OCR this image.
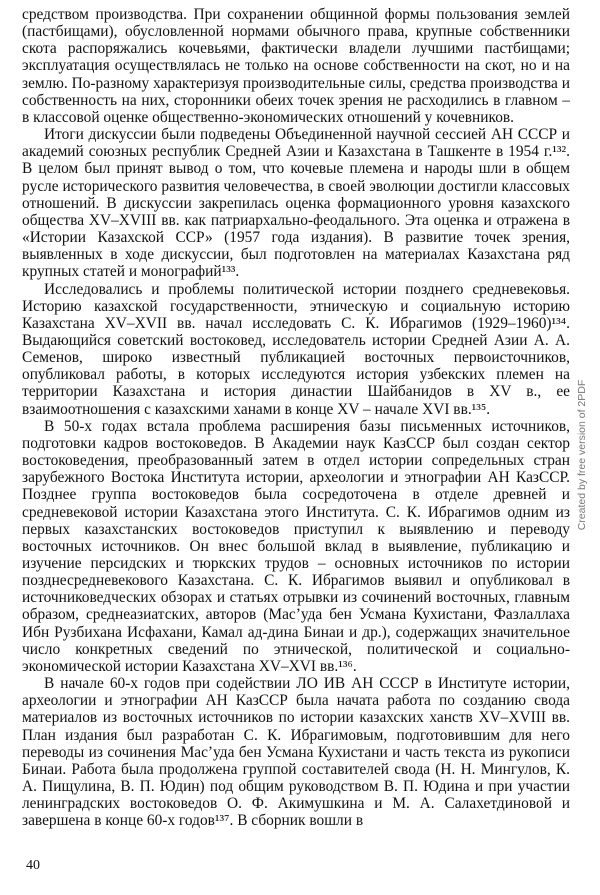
средством производства. При сохранении общинной формы пользования землей (пастбищами), обусловленной нормами обычного права, крупные собственники скота распоряжались кочевьями, фактически владели лучшими пастбищами; эксплуатация осуществлялась не только на основе собственности на скот, но и на землю. По-разному характеризуя производительные силы, средства производства и собственность на них, сторонники обеих точек зрения не расходились в главном – в классовой оценке общественно-экономических отношений у кочевников.

Итоги дискуссии были подведены Объединенной научной сессией АН СССР и академий союзных республик Средней Азии и Казахстана в Ташкенте в 1954 г.¹³². В целом был принят вывод о том, что кочевые племена и народы шли в общем русле исторического развития человечества, в своей эволюции достигли классовых отношений. В дискуссии закрепилась оценка формационного уровня казахского общества XV–XVIII вв. как патриархально-феодального. Эта оценка и отражена в «Истории Казахской ССР» (1957 года издания). В развитие точек зрения, выявленных в ходе дискуссии, был подготовлен на материалах Казахстана ряд крупных статей и монографий¹³³.

Исследовались и проблемы политической истории позднего средневековья. Историю казахской государственности, этническую и социальную историю Казахстана XV–XVII вв. начал исследовать С. К. Ибрагимов (1929–1960)¹³⁴. Выдающийся советский востоковед, исследователь истории Средней Азии А. А. Семенов, широко известный публикацией восточных первоисточников, опубликовал работы, в которых исследуются история узбекских племен на территории Казахстана и история династии Шайбанидов в XV в., ее взаимоотношения с казахскими ханами в конце XV – начале XVI вв.¹³⁵.

В 50-х годах встала проблема расширения базы письменных источников, подготовки кадров востоковедов. В Академии наук КазССР был создан сектор востоковедения, преобразованный затем в отдел истории сопредельных стран зарубежного Востока Института истории, археологии и этнографии АН КазССР. Позднее группа востоковедов была сосредоточена в отделе древней и средневековой истории Казахстана этого Института. С. К. Ибрагимов одним из первых казахстанских востоковедов приступил к выявлению и переводу восточных источников. Он внес большой вклад в выявление, публикацию и изучение персидских и тюркских трудов – основных источников по истории позднесредневекового Казахстана. С. К. Ибрагимов выявил и опубликовал в источниковедческих обзорах и статьях отрывки из сочинений восточных, главным образом, среднеазиатских, авторов (Мас’уда бен Усмана Кухистани, Фазлаллаха Ибн Рузбихана Исфахани, Камал ад-дина Бинаи и др.), содержащих значительное число конкретных сведений по этнической, политической и социально-экономической истории Казахстана XV–XVI вв.¹³⁶.

В начале 60-х годов при содействии ЛО ИВ АН СССР в Институте истории, археологии и этнографии АН КазССР была начата работа по созданию свода материалов из восточных источников по истории казахских ханств XV–XVIII вв. План издания был разработан С. К. Ибрагимовым, подготовившим для него переводы из сочинения Мас’уда бен Усмана Кухистани и часть текста из рукописи Бинаи. Работа была продолжена группой составителей свода (Н. Н. Мингулов, К. А. Пищулина, В. П. Юдин) под общим руководством В. П. Юдина и при участии ленинградских востоковедов О. Ф. Акимушкина и М. А. Салахетдиновой и завершена в конце 60-х годов¹³⁷. В сборник вошли в

40
Created by free version of 2PDF
